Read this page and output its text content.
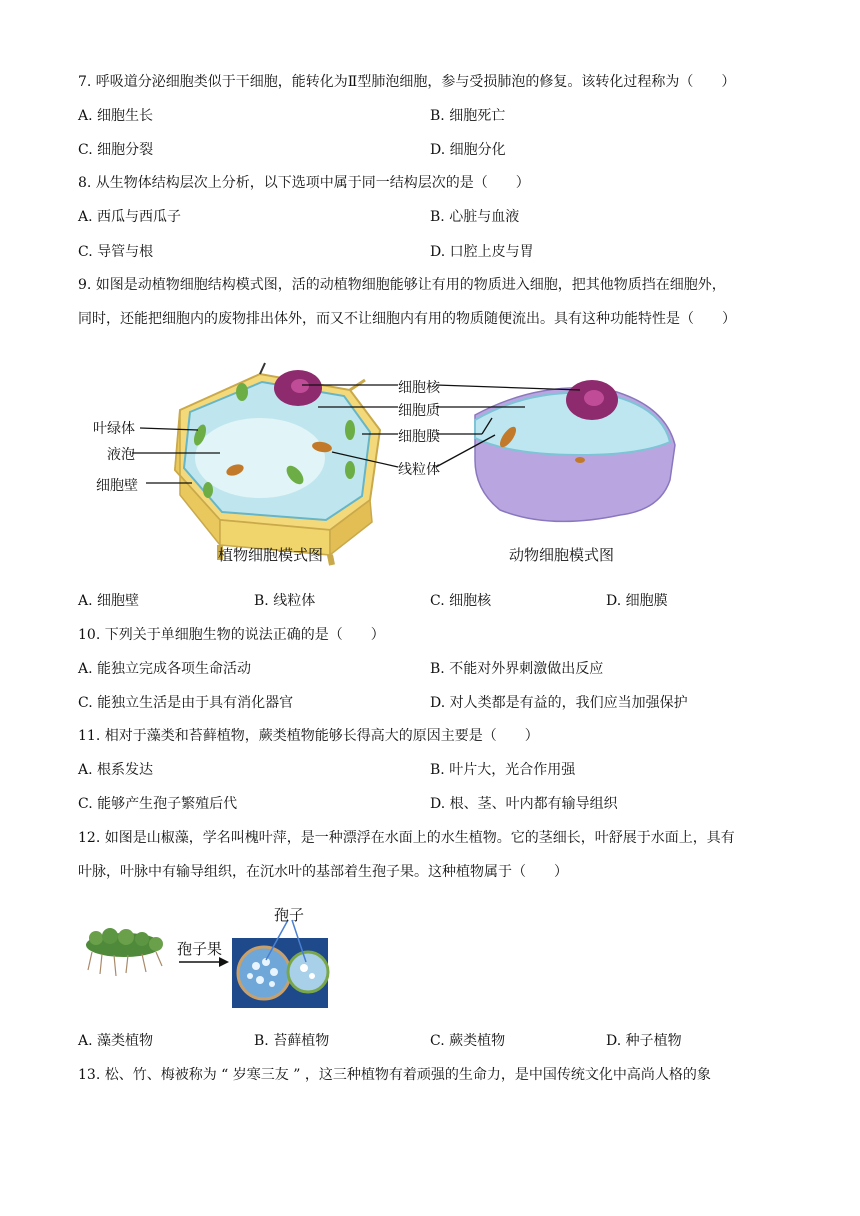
7. 呼吸道分泌细胞类似于干细胞，能转化为Ⅱ型肺泡细胞，参与受损肺泡的修复。该转化过程称为（　　）
A. 细胞生长	B. 细胞死亡
C. 细胞分裂	D. 细胞分化
8. 从生物体结构层次上分析，以下选项中属于同一结构层次的是（　　）
A. 西瓜与西瓜子	B. 心脏与血液
C. 导管与根	D. 口腔上皮与胃
9. 如图是动植物细胞结构模式图，活的动植物细胞能够让有用的物质进入细胞，把其他物质挡在细胞外，
同时，还能把细胞内的废物排出体外，而又不让细胞内有用的物质随便流出。具有这种功能特性是（　　）
叶绿体
液泡
细胞壁
细胞核
细胞质
细胞膜
线粒体
植物细胞模式图	动物细胞模式图
A. 细胞壁	B. 线粒体	C. 细胞核	D. 细胞膜
10. 下列关于单细胞生物的说法正确的是（　　）
A. 能独立完成各项生命活动	B. 不能对外界刺激做出反应
C. 能独立生活是由于具有消化器官	D. 对人类都是有益的，我们应当加强保护
11. 相对于藻类和苔藓植物，蕨类植物能够长得高大的原因主要是（　　）
A. 根系发达	B. 叶片大，光合作用强
C. 能够产生孢子繁殖后代	D. 根、茎、叶内都有输导组织
12. 如图是山椒藻，学名叫槐叶萍，是一种漂浮在水面上的水生植物。它的茎细长，叶舒展于水面上，具有
叶脉，叶脉中有输导组织，在沉水叶的基部着生孢子果。这种植物属于（　　）
孢子
孢子果
A. 藻类植物	B. 苔藓植物	C. 蕨类植物	D. 种子植物
13. 松、竹、梅被称为 “ 岁寒三友 ” ，这三种植物有着顽强的生命力，是中国传统文化中高尚人格的象
